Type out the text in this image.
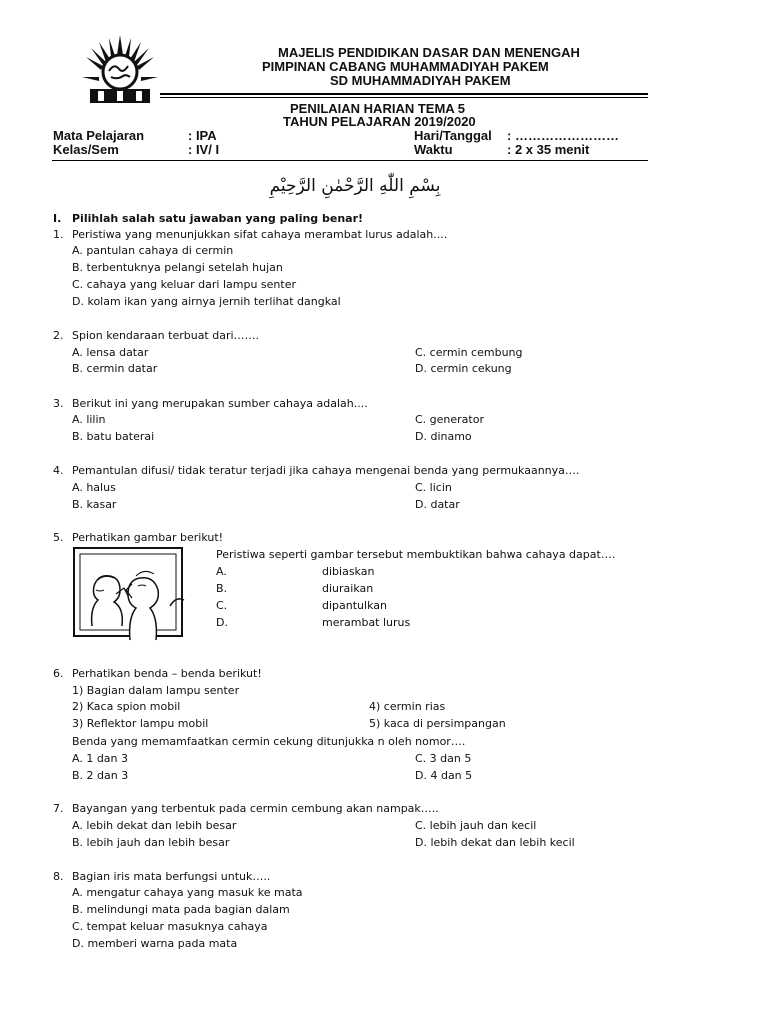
MAJELIS PENDIDIKAN DASAR DAN MENENGAH
PIMPINAN CABANG MUHAMMADIYAH PAKEM
SD MUHAMMADIYAH PAKEM
PENILAIAN HARIAN TEMA 5
TAHUN PELAJARAN 2019/2020
Mata Pelajaran	: IPA	Hari/Tanggal : ……………………
Kelas/Sem	: IV/ I	Waktu	: 2 x 35 menit
بِسْمِ اللّٰهِ الرَّحْمٰنِ الرَّحِيْمِ
I. Pilihlah salah satu jawaban yang paling benar!
1. Peristiwa yang menunjukkan sifat cahaya merambat lurus adalah....
A. pantulan cahaya di cermin
B. terbentuknya pelangi setelah hujan
C. cahaya yang keluar dari lampu senter
D. kolam ikan yang airnya jernih terlihat dangkal
2. Spion kendaraan terbuat dari…….
A. lensa datar
B. cermin datar
C. cermin cembung
D. cermin cekung
3. Berikut ini yang merupakan sumber cahaya adalah....
A. lilin
B. batu baterai
C. generator
D. dinamo
4. Pemantulan difusi/ tidak teratur terjadi jika cahaya mengenai benda yang permukaannya….
A. halus
B. kasar
C. licin
D. datar
5. Perhatikan gambar berikut!
Peristiwa seperti gambar tersebut membuktikan bahwa cahaya dapat….
A.	dibiaskan
B.	diuraikan
C.	dipantulkan
D.	merambat lurus
6. Perhatikan benda – benda berikut!
1) Bagian dalam lampu senter
2) Kaca spion mobil
3) Reflektor lampu mobil
4) cermin rias
5) kaca di persimpangan
Benda yang memamfaatkan cermin cekung ditunjukka n oleh nomor….
A. 1 dan 3
B. 2 dan 3
C. 3 dan 5
D. 4 dan 5
7. Bayangan yang terbentuk pada cermin cembung akan nampak…..
A. lebih dekat dan lebih besar
B. lebih jauh dan lebih besar
C. lebih jauh dan kecil
D. lebih dekat dan lebih kecil
8. Bagian iris mata berfungsi untuk…..
A. mengatur cahaya yang masuk ke mata
B. melindungi mata pada bagian dalam
C. tempat keluar masuknya cahaya
D. memberi warna pada mata
